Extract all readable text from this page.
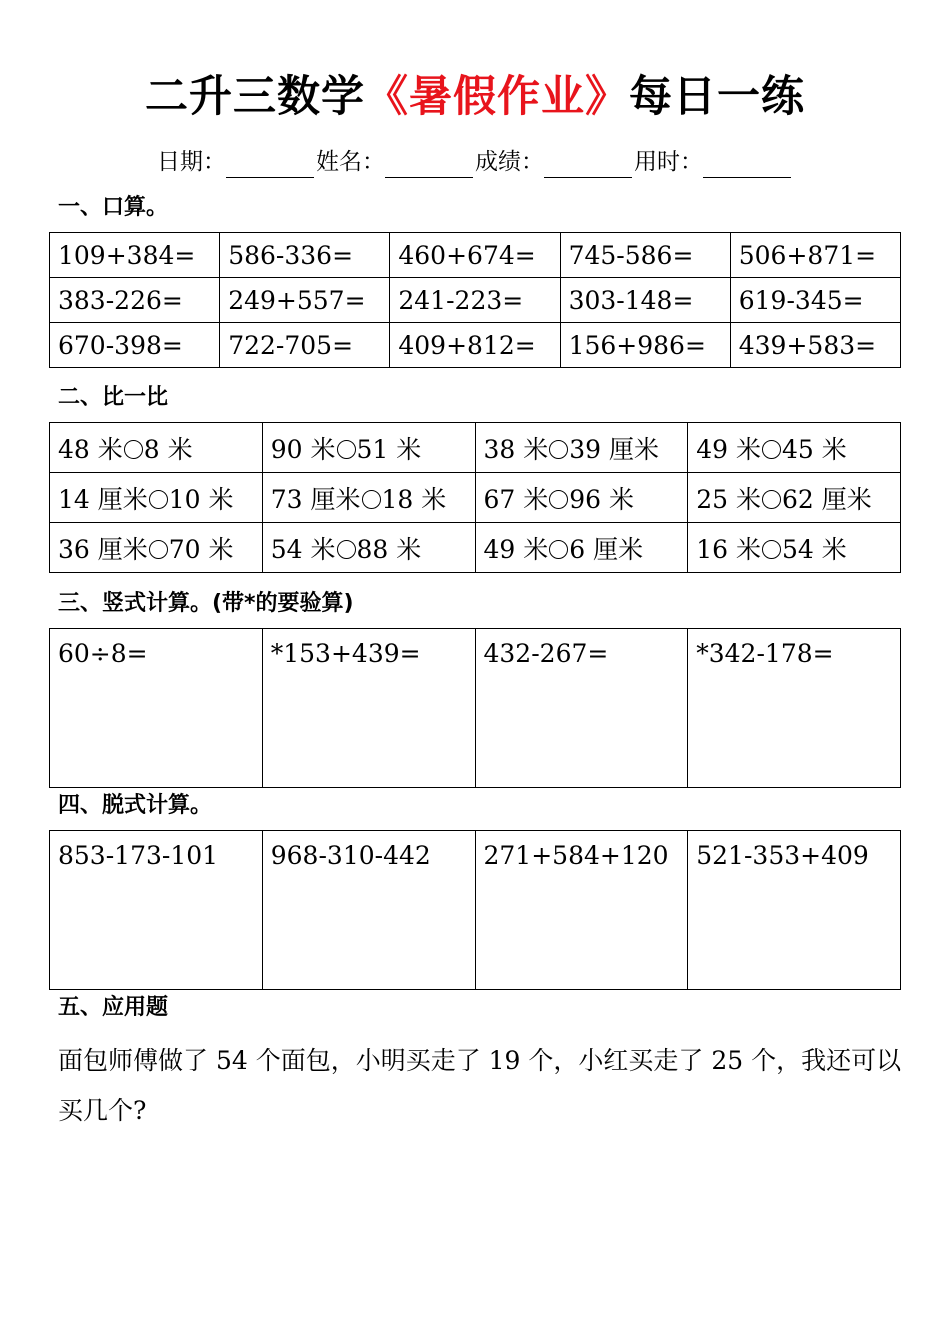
二升三数学《暑假作业》每日一练
日期：	姓名：	成绩：	用时：
一、口算。
109+384=	586-336=	460+674=	745-586=	506+871=
383-226=	249+557=	241-223=	303-148=	619-345=
670-398=	722-705=	409+812=	156+986=	439+583=
二、比一比
48 米 8 米	90 米 51 米	38 米 39 厘米	49 米 45 米
14 厘米 10 米	73 厘米 18 米	67 米 96 米	25 米 62 厘米
36 厘米 70 米	54 米 88 米	49 米 6 厘米	16 米 54 米
三、竖式计算。(带*的要验算)
60÷8=	*153+439=	432-267=	*342-178=
四、脱式计算。
853-173-101	968-310-442	271+584+120	521-353+409
五、应用题
面包师傅做了 54 个面包，小明买走了 19 个，小红买走了 25 个，我还可以买几个?
